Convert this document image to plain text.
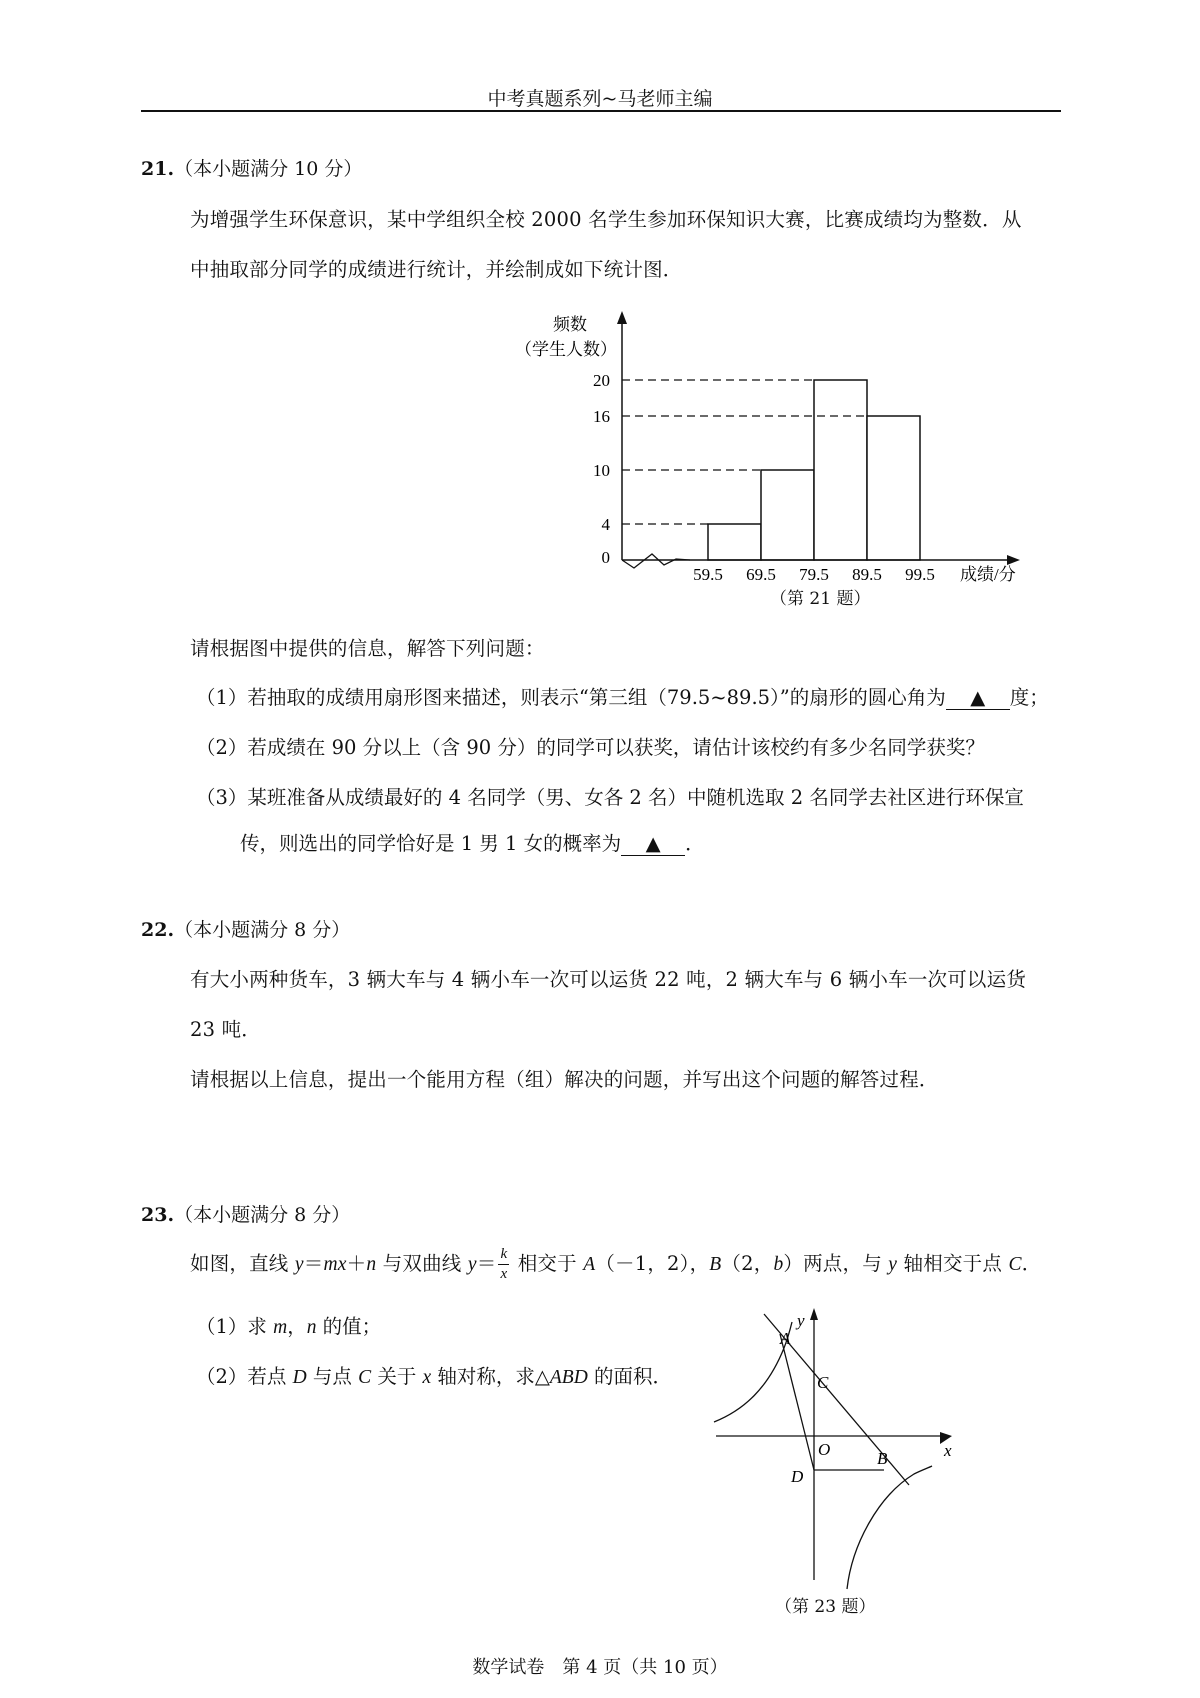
中考真题系列~马老师主编
21.（本小题满分 10 分）
为增强学生环保意识，某中学组织全校 2000 名学生参加环保知识大赛，比赛成绩均为整数．从
中抽取部分同学的成绩进行统计，并绘制成如下统计图．
频数
（学生人数）
成绩/分
0
4
10
16
20
59.5 69.5 79.5 89.5 99.5
（第 21 题）
请根据图中提供的信息，解答下列问题：
（1）若抽取的成绩用扇形图来描述，则表示“第三组（79.5~89.5）”的扇形的圆心角为 ▲ 度；
（2）若成绩在 90 分以上（含 90 分）的同学可以获奖，请估计该校约有多少名同学获奖？
（3）某班准备从成绩最好的 4 名同学（男、女各 2 名）中随机选取 2 名同学去社区进行环保宣
传，则选出的同学恰好是 1 男 1 女的概率为 ▲ ．
22.（本小题满分 8 分）
有大小两种货车，3 辆大车与 4 辆小车一次可以运货 22 吨，2 辆大车与 6 辆小车一次可以运货
23 吨．
请根据以上信息，提出一个能用方程（组）解决的问题，并写出这个问题的解答过程．
23.（本小题满分 8 分）
如图，直线 y＝mx＋n 与双曲线 $y= \frac{k}{x}$ 相交于 A（－1，2），B（2，b）两点，与 y 轴相交于点 C．
（1）求 m，n 的值；
（2）若点 D 与点 C 关于 x 轴对称，求△ABD 的面积．
y
x
A
C
O
D
B
（第 23 题）
数学试卷　第 4 页（共 10 页）
